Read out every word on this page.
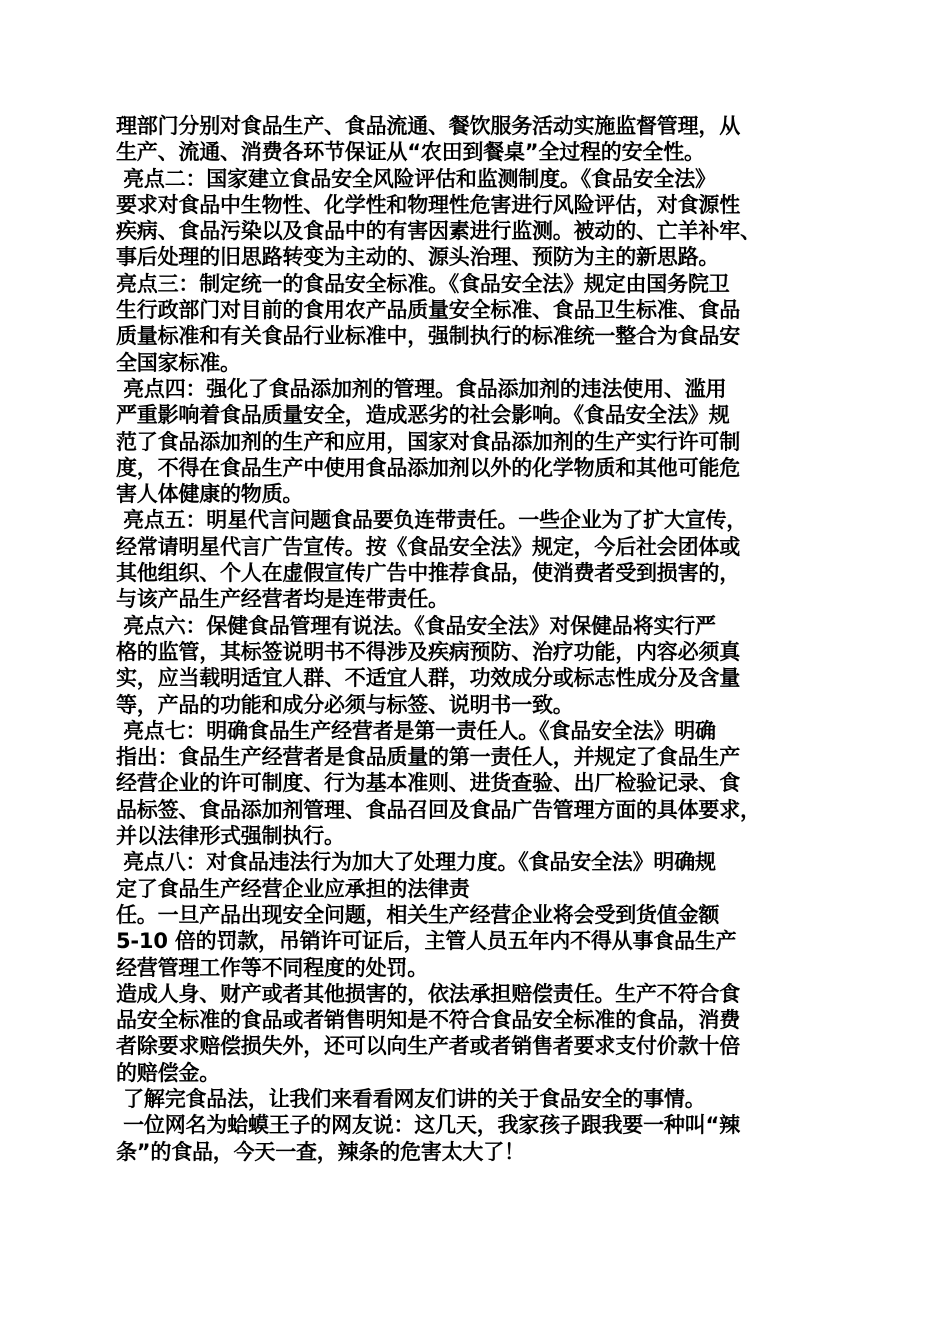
理部门分别对食品生产、食品流通、餐饮服务活动实施监督管理，从
生产、流通、消费各环节保证从“农田到餐桌”全过程的安全性。
亮点二：国家建立食品安全风险评估和监测制度。《食品安全法》
要求对食品中生物性、化学性和物理性危害进行风险评估，对食源性
疾病、食品污染以及食品中的有害因素进行监测。被动的、亡羊补牢、
事后处理的旧思路转变为主动的、源头治理、预防为主的新思路。
亮点三：制定统一的食品安全标准。《食品安全法》规定由国务院卫
生行政部门对目前的食用农产品质量安全标准、食品卫生标准、食品
质量标准和有关食品行业标准中，强制执行的标准统一整合为食品安
全国家标准。
亮点四：强化了食品添加剂的管理。食品添加剂的违法使用、滥用
严重影响着食品质量安全，造成恶劣的社会影响。《食品安全法》规
范了食品添加剂的生产和应用，国家对食品添加剂的生产实行许可制
度，不得在食品生产中使用食品添加剂以外的化学物质和其他可能危
害人体健康的物质。
亮点五：明星代言问题食品要负连带责任。一些企业为了扩大宣传，
经常请明星代言广告宣传。按《食品安全法》规定，今后社会团体或
其他组织、个人在虚假宣传广告中推荐食品，使消费者受到损害的，
与该产品生产经营者均是连带责任。
亮点六：保健食品管理有说法。《食品安全法》对保健品将实行严
格的监管，其标签说明书不得涉及疾病预防、治疗功能，内容必须真
实，应当载明适宜人群、不适宜人群，功效成分或标志性成分及含量
等，产品的功能和成分必须与标签、说明书一致。
亮点七：明确食品生产经营者是第一责任人。《食品安全法》明确
指出：食品生产经营者是食品质量的第一责任人，并规定了食品生产
经营企业的许可制度、行为基本准则、进货查验、出厂检验记录、食
品标签、食品添加剂管理、食品召回及食品广告管理方面的具体要求，
并以法律形式强制执行。
亮点八：对食品违法行为加大了处理力度。《食品安全法》明确规
定了食品生产经营企业应承担的法律责
任。一旦产品出现安全问题，相关生产经营企业将会受到货值金额
5-10 倍的罚款，吊销许可证后，主管人员五年内不得从事食品生产
经营管理工作等不同程度的处罚。
造成人身、财产或者其他损害的，依法承担赔偿责任。生产不符合食
品安全标准的食品或者销售明知是不符合食品安全标准的食品，消费
者除要求赔偿损失外，还可以向生产者或者销售者要求支付价款十倍
的赔偿金。
了解完食品法，让我们来看看网友们讲的关于食品安全的事情。
一位网名为蛤蟆王子的网友说：这几天，我家孩子跟我要一种叫“辣
条”的食品，今天一查，辣条的危害太大了！
